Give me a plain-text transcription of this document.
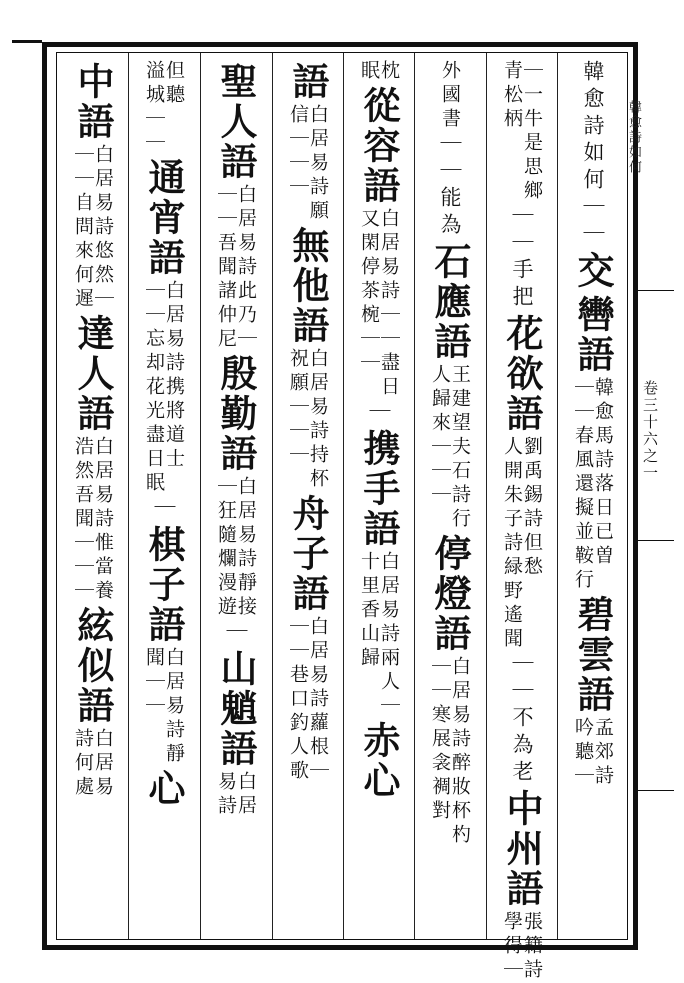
韓愈詩如何
卷三十六之一
韓愈詩如何｜｜
交
轡語
｜｜春風還擬並鞍行
韓愈馬詩落日已曽
碧雲語
吟聽｜
孟郊詩
青松柄
｜一牛是思鄉
｜｜手把
花欲語
人開朱子詩緑野遙聞
劉禹錫詩但愁
｜｜不為老
中州語
學得｜
張籍詩
外國書
｜｜能為
石應語
人歸來｜｜｜
王建望夫石詩行
停燈語
｜｜寒展衾裯對
白居易詩醉妝杯杓
眠
枕
從容語
又閑停茶椀｜｜
白居易詩｜｜盡日
｜
携手語
十里香山歸
白居易詩兩人｜
赤心
語
信｜｜｜
白居易詩願
無他語
祝願｜｜｜
白居易詩持杯
舟子語
｜｜巷口釣人歌
白居易詩蘿根｜
聖人語
｜｜吾聞諸仲尼
白居易詩此乃｜
殷勤語
｜狂隨爛漫遊
白居易詩靜接
｜
山魈語
易詩
白居
溢城｜｜
但聽
通宵語
｜｜忘却花光盡日眠
白居易詩携將道士
｜
棋子語
聞｜｜
白居易詩靜
心
中語
｜｜自問來何遲
白居易詩悠然｜
達人語
浩然吾聞｜｜｜
白居易詩惟當養
絃似語
詩何處
白居易
